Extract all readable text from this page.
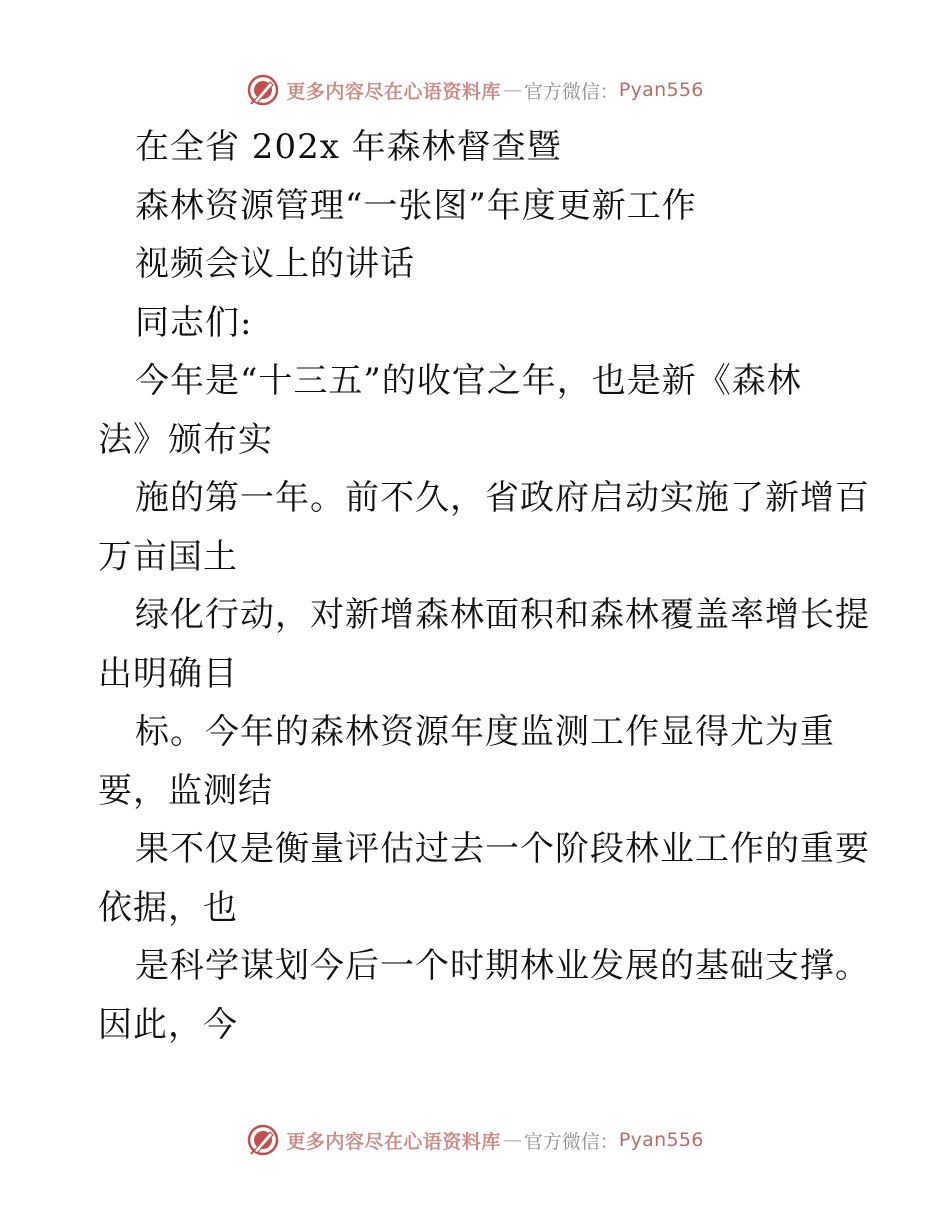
更多内容尽在心语资料库 — 官方微信： Pyan556
在全省 202x 年森林督查暨
森林资源管理“一张图”年度更新工作
视频会议上的讲话
同志们:
今年是“十三五”的收官之年，也是新《森林
法》颁布实
施的第一年。前不久，省政府启动实施了新增百
万亩国土
绿化行动，对新增森林面积和森林覆盖率增长提
出明确目
标。今年的森林资源年度监测工作显得尤为重
要，监测结
果不仅是衡量评估过去一个阶段林业工作的重要
依据，也
是科学谋划今后一个时期林业发展的基础支撑。
因此，今
更多内容尽在心语资料库 — 官方微信： Pyan556
